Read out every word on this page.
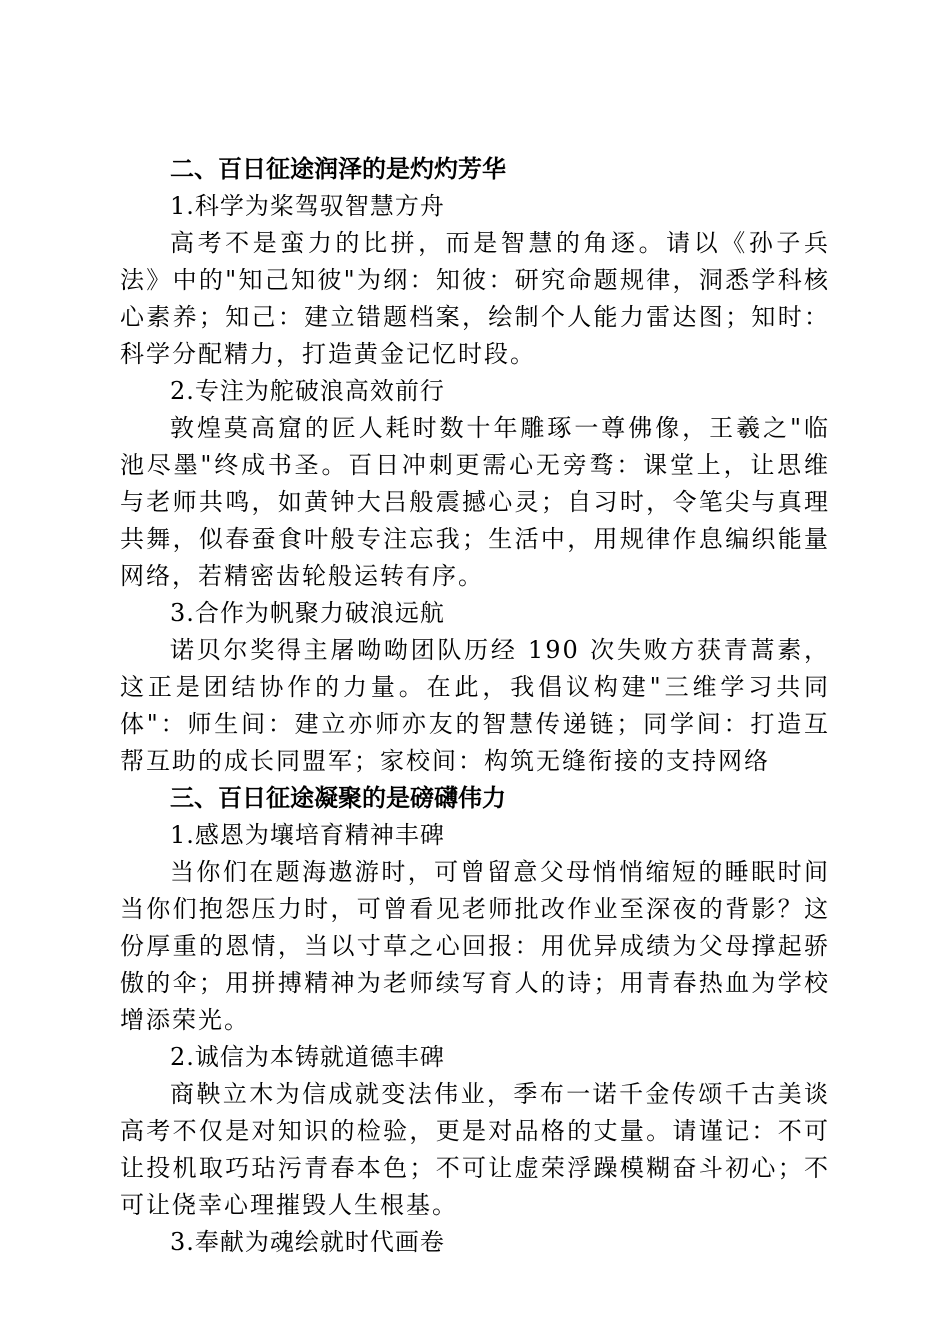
二、百日征途润泽的是灼灼芳华
1.科学为桨驾驭智慧方舟
高考不是蛮力的比拼，而是智慧的角逐。请以《孙子兵法》中的"知己知彼"为纲：知彼：研究命题规律，洞悉学科核心素养；知己：建立错题档案，绘制个人能力雷达图；知时：科学分配精力，打造黄金记忆时段。
2.专注为舵破浪高效前行
敦煌莫高窟的匠人耗时数十年雕琢一尊佛像，王羲之"临池尽墨"终成书圣。百日冲刺更需心无旁骛：课堂上，让思维与老师共鸣，如黄钟大吕般震撼心灵；自习时，令笔尖与真理共舞，似春蚕食叶般专注忘我；生活中，用规律作息编织能量网络，若精密齿轮般运转有序。
3.合作为帆聚力破浪远航
诺贝尔奖得主屠呦呦团队历经 190 次失败方获青蒿素，这正是团结协作的力量。在此，我倡议构建"三维学习共同体"：师生间：建立亦师亦友的智慧传递链；同学间：打造互帮互助的成长同盟军；家校间：构筑无缝衔接的支持网络
三、百日征途凝聚的是磅礴伟力
1.感恩为壤培育精神丰碑
当你们在题海遨游时，可曾留意父母悄悄缩短的睡眠时间当你们抱怨压力时，可曾看见老师批改作业至深夜的背影？这份厚重的恩情，当以寸草之心回报：用优异成绩为父母撑起骄傲的伞；用拼搏精神为老师续写育人的诗；用青春热血为学校增添荣光。
2.诚信为本铸就道德丰碑
商鞅立木为信成就变法伟业，季布一诺千金传颂千古美谈高考不仅是对知识的检验，更是对品格的丈量。请谨记：不可让投机取巧玷污青春本色；不可让虚荣浮躁模糊奋斗初心；不可让侥幸心理摧毁人生根基。
3.奉献为魂绘就时代画卷
